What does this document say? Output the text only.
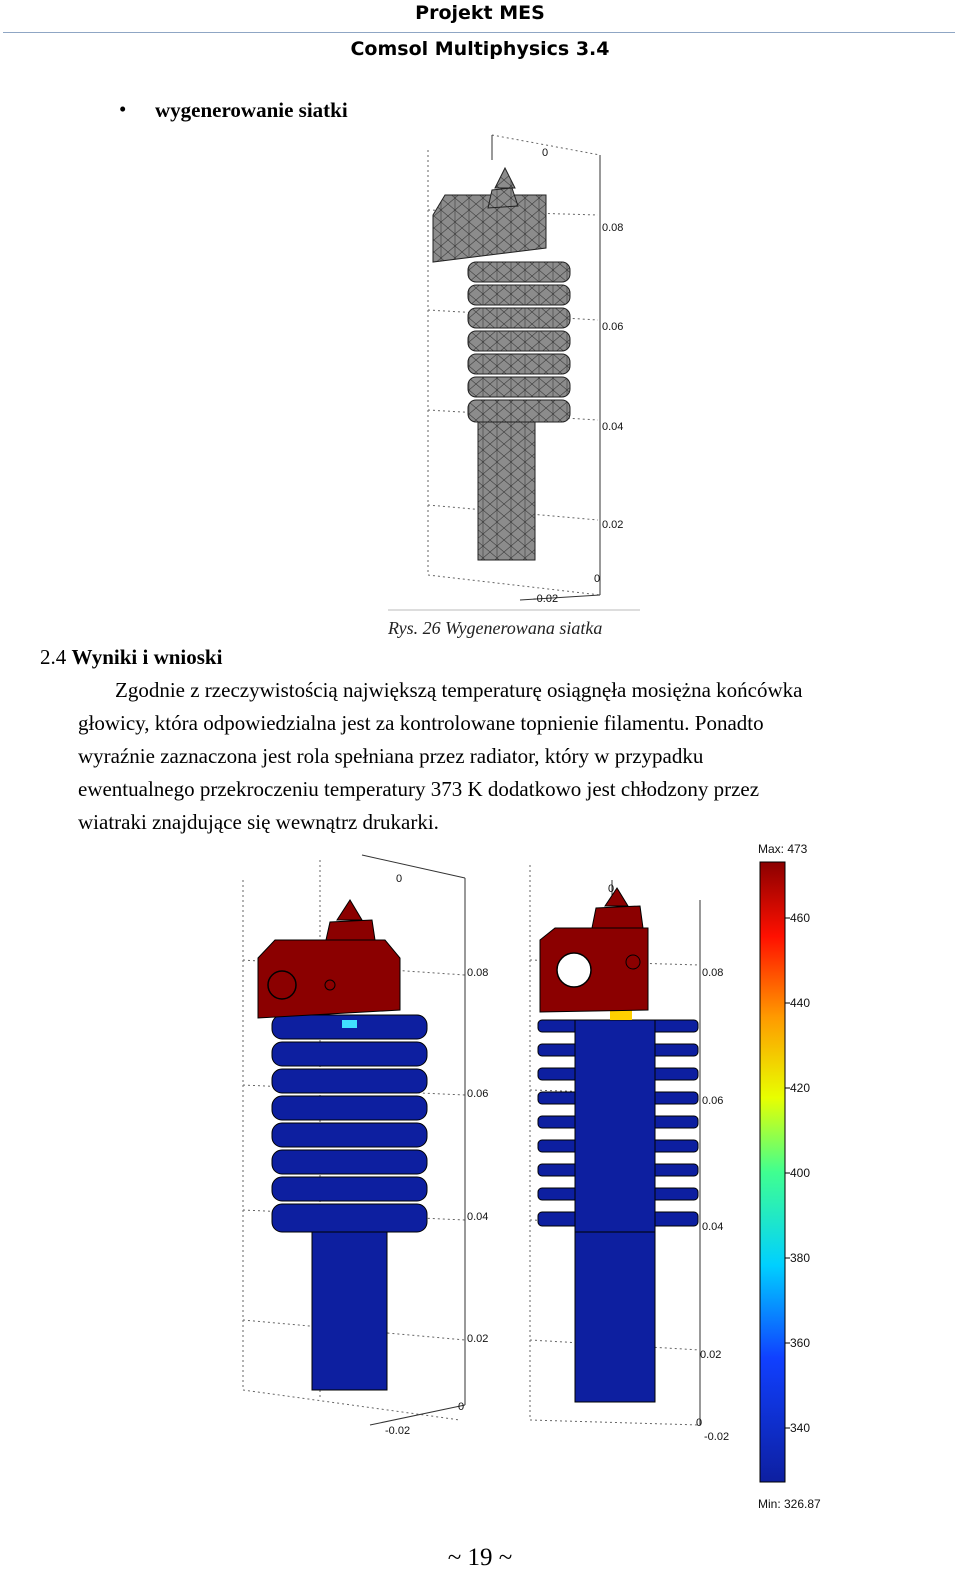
Projekt MES
Comsol Multiphysics 3.4
• wygenerowanie siatki
0
0.08
0.06
0.04
0.02
0
-0.02
0
0.08
0.06
0.04
0.02
0
-0.02
0
0.08
0.06
0.04
0.02
0
-0.02
Max: 473
460
440
420
400
380
360
340
Min: 326.87
Rys. 26 Wygenerowana siatka
2.4 Wyniki i wnioski
Zgodnie z rzeczywistością największą temperaturę osiągnęła mosiężna końcówka
głowicy, która odpowiedzialna jest za kontrolowane topnienie filamentu. Ponadto
wyraźnie zaznaczona jest rola spełniana przez radiator, który w przypadku
ewentualnego przekroczeniu temperatury 373 K dodatkowo jest chłodzony przez
wiatraki znajdujące się wewnątrz drukarki.
~ 19 ~
